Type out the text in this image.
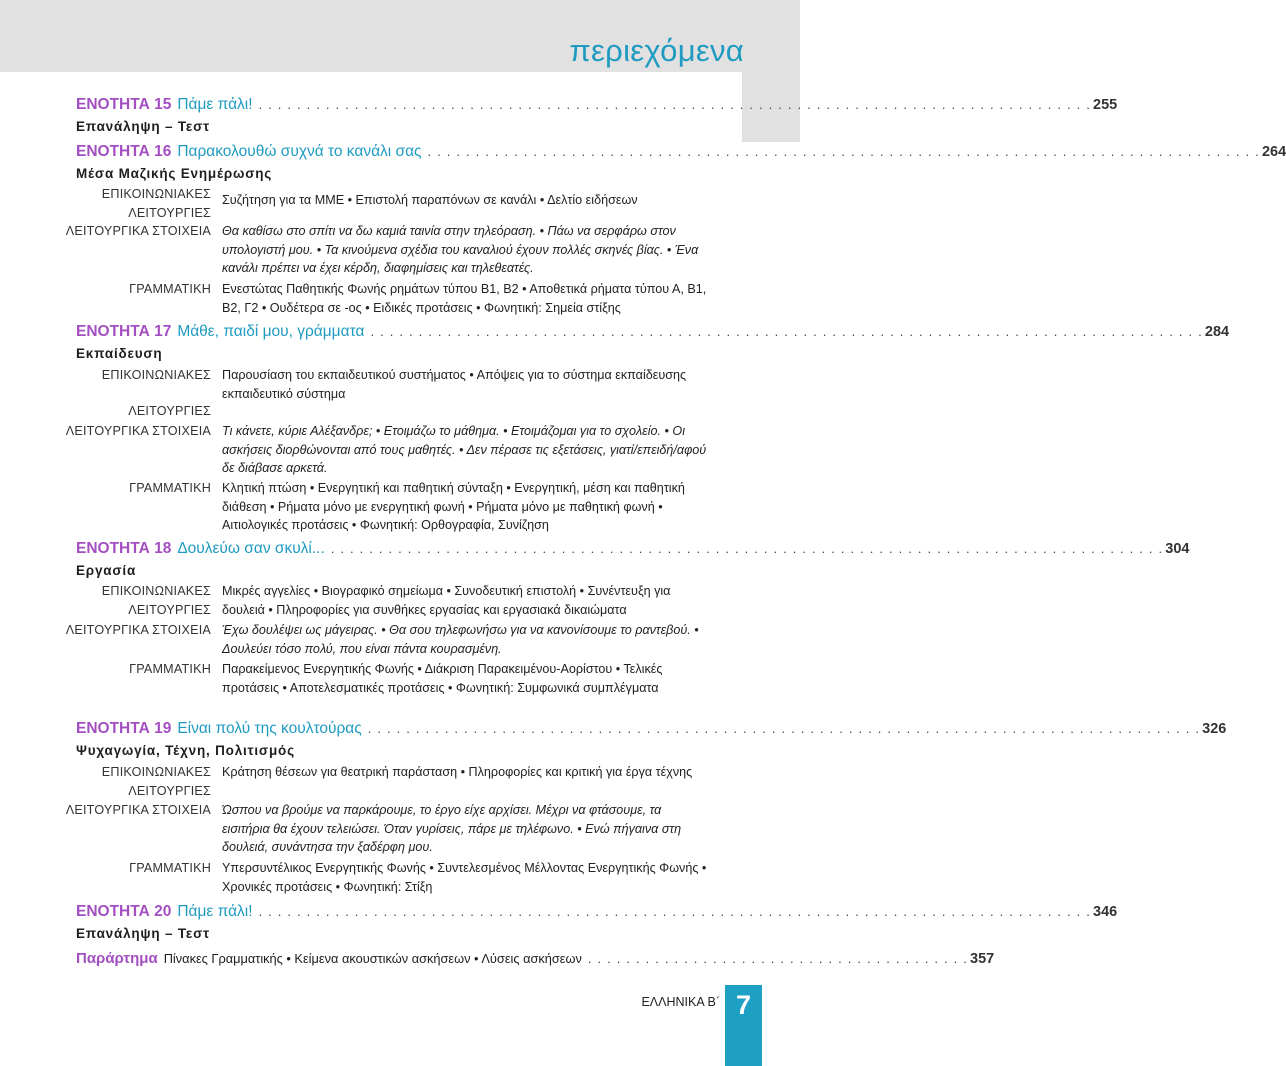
περιεχόμενα
ΕΝΟΤΗΤΑ 15 Πάμε πάλι! . . . . . . . . . . . . . . . . . . . . . . . . . . . . . . . . . . . . . . . . . . . . . . . . . . . . . . . . . . . . . . . . . . . . . . . . . . . . . . . . . . . . . . . 255
Επανάληψη – Τεστ
ΕΝΟΤΗΤΑ 16 Παρακολουθώ συχνά το κανάλι σας . . . . . . . . . . . . . . . . . . . . . . . . . . . . . . . . . . . . . . . . . . . . . . . . . . . . . . . . . . . . . . . . . . . . . . . . . . . . . . . . . . . . . . . 264
Μέσα Μαζικής Ενημέρωσης
ΕΠΙΚΟΙΝΩΝΙΑΚΕΣ
ΛΕΙΤΟΥΡΓΙΕΣ
Συζήτηση για τα ΜΜΕ • Επιστολή παραπόνων σε κανάλι • Δελτίο ειδήσεων
ΛΕΙΤΟΥΡΓΙΚΑ ΣΤΟΙΧΕΙΑ Θα καθίσω στο σπίτι να δω καμιά ταινία στην τηλεόραση. • Πάω να σερφάρω στον υπολογιστή μου. • Τα κινούμενα σχέδια του καναλιού έχουν πολλές σκηνές βίας. • Ένα κανάλι πρέπει να έχει κέρδη, διαφημίσεις και τηλεθεατές.
ΓΡΑΜΜΑΤΙΚΗ Ενεστώτας Παθητικής Φωνής ρημάτων τύπου Β1, Β2 • Αποθετικά ρήματα τύπου Α, Β1, Β2, Γ2 • Ουδέτερα σε -ος • Ειδικές προτάσεις • Φωνητική: Σημεία στίξης
ΕΝΟΤΗΤΑ 17 Μάθε, παιδί μου, γράμματα . . . . . . . . . . . . . . . . . . . . . . . . . . . . . . . . . . . . . . . . . . . . . . . . . . . . . . . . . . . . . . . . . . . . . . . . . . . . . . . . . . . . . . . 284
Εκπαίδευση
ΕΠΙΚΟΙΝΩΝΙΑΚΕΣ
ΛΕΙΤΟΥΡΓΙΕΣ
Παρουσίαση του εκπαιδευτικού συστήματος • Απόψεις για το σύστημα εκπαίδευσης
εκπαιδευτικό σύστημα
ΛΕΙΤΟΥΡΓΙΚΑ ΣΤΟΙΧΕΙΑ Τι κάνετε, κύριε Αλέξανδρε; • Ετοιμάζω το μάθημα. • Ετοιμάζομαι για το σχολείο. • Οι ασκήσεις διορθώνονται από τους μαθητές. • Δεν πέρασε τις εξετάσεις, γιατί/επειδή/αφού δε διάβασε αρκετά.
ΓΡΑΜΜΑΤΙΚΗ Κλητική πτώση • Ενεργητική και παθητική σύνταξη • Ενεργητική, μέση και παθητική διάθεση • Ρήματα μόνο με ενεργητική φωνή • Ρήματα μόνο με παθητική φωνή • Αιτιολογικές προτάσεις • Φωνητική: Ορθογραφία, Συνίζηση
ΕΝΟΤΗΤΑ 18 Δουλεύω σαν σκυλί... . . . . . . . . . . . . . . . . . . . . . . . . . . . . . . . . . . . . . . . . . . . . . . . . . . . . . . . . . . . . . . . . . . . . . . . . . . . . . . . . . . . . . . . 304
Εργασία
ΕΠΙΚΟΙΝΩΝΙΑΚΕΣ
ΛΕΙΤΟΥΡΓΙΕΣ
Μικρές αγγελίες • Βιογραφικό σημείωμα • Συνοδευτική επιστολή • Συνέντευξη για δουλειά • Πληροφορίες για συνθήκες εργασίας και εργασιακά δικαιώματα
ΛΕΙΤΟΥΡΓΙΚΑ ΣΤΟΙΧΕΙΑ Έχω δουλέψει ως μάγειρας. • Θα σου τηλεφωνήσω για να κανονίσουμε το ραντεβού. • Δουλεύει τόσο πολύ, που είναι πάντα κουρασμένη.
ΓΡΑΜΜΑΤΙΚΗ Παρακείμενος Ενεργητικής Φωνής • Διάκριση Παρακειμένου-Αορίστου • Τελικές προτάσεις • Αποτελεσματικές προτάσεις • Φωνητική: Συμφωνικά συμπλέγματα
ΕΝΟΤΗΤΑ 19 Είναι πολύ της κουλτούρας . . . . . . . . . . . . . . . . . . . . . . . . . . . . . . . . . . . . . . . . . . . . . . . . . . . . . . . . . . . . . . . . . . . . . . . . . . . . . . . . . . . . . . . 326
Ψυχαγωγία, Τέχνη, Πολιτισμός
ΕΠΙΚΟΙΝΩΝΙΑΚΕΣ
ΛΕΙΤΟΥΡΓΙΕΣ
Κράτηση θέσεων για θεατρική παράσταση • Πληροφορίες και κριτική για έργα τέχνης
ΛΕΙΤΟΥΡΓΙΚΑ ΣΤΟΙΧΕΙΑ Ώσπου να βρούμε να παρκάρουμε, το έργο είχε αρχίσει. Μέχρι να φτάσουμε, τα εισιτήρια θα έχουν τελειώσει. Όταν γυρίσεις, πάρε με τηλέφωνο. • Ενώ πήγαινα στη δουλειά, συνάντησα την ξαδέρφη μου.
ΓΡΑΜΜΑΤΙΚΗ Υπερσυντέλικος Ενεργητικής Φωνής • Συντελεσμένος Μέλλοντας Ενεργητικής Φωνής • Χρονικές προτάσεις • Φωνητική: Στίξη
ΕΝΟΤΗΤΑ 20 Πάμε πάλι! . . . . . . . . . . . . . . . . . . . . . . . . . . . . . . . . . . . . . . . . . . . . . . . . . . . . . . . . . . . . . . . . . . . . . . . . . . . . . . . . . . . . . . . 346
Επανάληψη – Τεστ
Παράρτημα Πίνακες Γραμματικής • Κείμενα ακουστικών ασκήσεων • Λύσεις ασκήσεων . . . . . . . . . . . . . . . . . . . . . . . . . . . . . . . . . . . . . . . . 357
ΕΛΛΗΝΙΚΑ Β΄ 7
